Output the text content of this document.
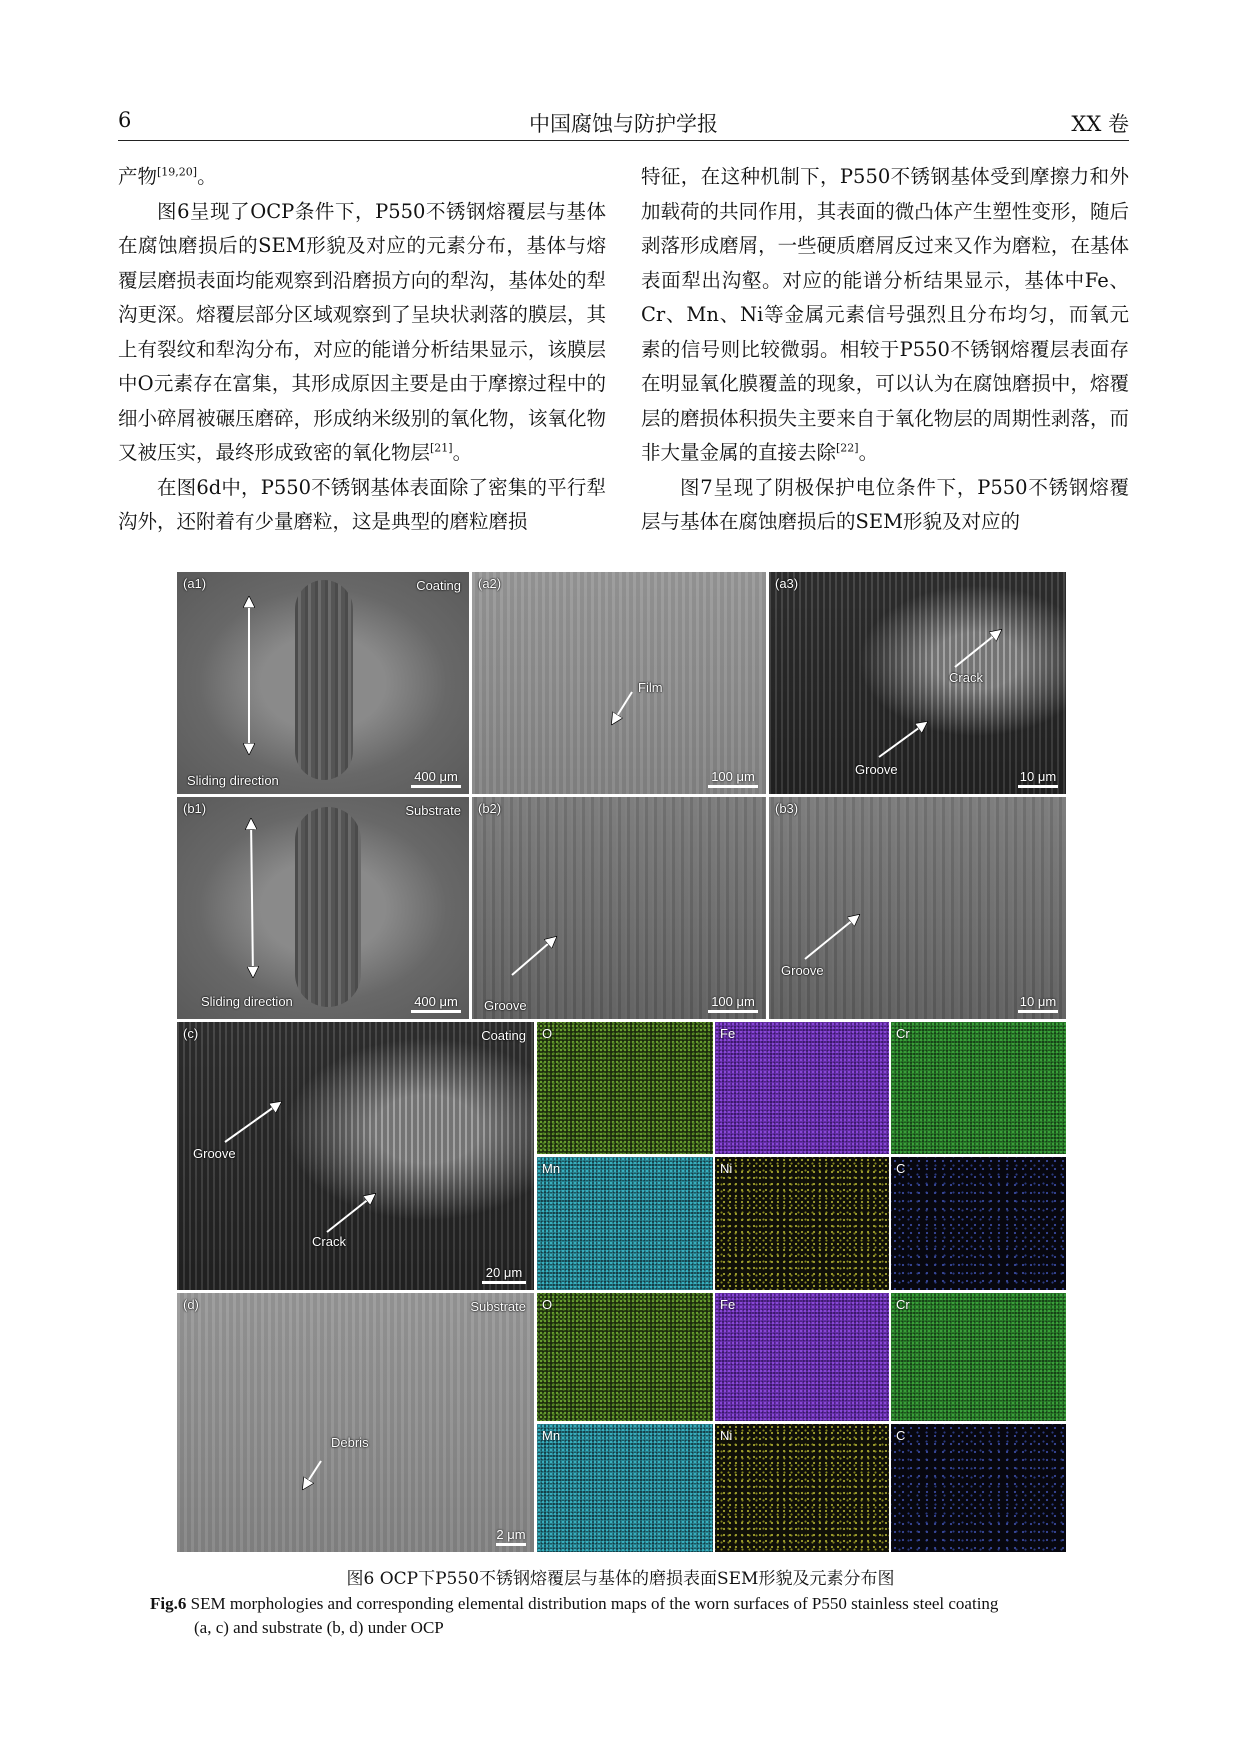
6	中国腐蚀与防护学报	XX 卷

产物[19,20]。

图6呈现了OCP条件下，P550不锈钢熔覆层与基体在腐蚀磨损后的SEM形貌及对应的元素分布，基体与熔覆层磨损表面均能观察到沿磨损方向的犁沟，基体处的犁沟更深。熔覆层部分区域观察到了呈块状剥落的膜层，其上有裂纹和犁沟分布，对应的能谱分析结果显示，该膜层中O元素存在富集，其形成原因主要是由于摩擦过程中的细小碎屑被碾压磨碎，形成纳米级别的氧化物，该氧化物又被压实，最终形成致密的氧化物层[21]。

在图6d中，P550不锈钢基体表面除了密集的平行犁沟外，还附着有少量磨粒，这是典型的磨粒磨损

特征，在这种机制下，P550不锈钢基体受到摩擦力和外加载荷的共同作用，其表面的微凸体产生塑性变形，随后剥落形成磨屑，一些硬质磨屑反过来又作为磨粒，在基体表面犁出沟壑。对应的能谱分析结果显示，基体中Fe、Cr、Mn、Ni等金属元素信号强烈且分布均匀，而氧元素的信号则比较微弱。相较于P550不锈钢熔覆层表面存在明显氧化膜覆盖的现象，可以认为在腐蚀磨损中，熔覆层的磨损体积损失主要来自于氧化物层的周期性剥落，而非大量金属的直接去除[22]。

图7呈现了阴极保护电位条件下，P550不锈钢熔覆层与基体在腐蚀磨损后的SEM形貌及对应的

(a1)	Coating
Sliding direction	400 μm
(a2)
Film
100 μm
(a3)
Crack
Groove	10 μm
(b1)	Substrate
Sliding direction	400 μm
(b2)
Groove	100 μm
(b3)
Groove
10 μm
(c)	Coating
Groove
Crack
20 μm
(d)	Substrate
Debris
2 μm
O	Fe	Cr
Mn	Ni	C
O	Fe	Cr
Mn	Ni	C
图6 OCP下P550不锈钢熔覆层与基体的磨损表面SEM形貌及元素分布图
Fig.6 SEM morphologies and corresponding elemental distribution maps of the worn surfaces of P550 stainless steel coating
(a, c) and substrate (b, d) under OCP
